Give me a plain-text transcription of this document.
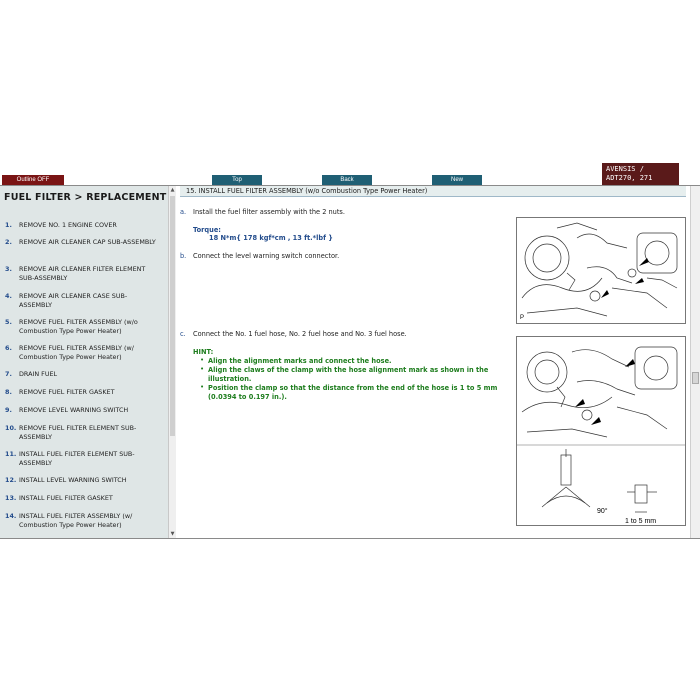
Outline OFF	Top	Back	New
AVENSIS /
ADT270, 271
FUEL FILTER > REPLACEMENT
1. REMOVE NO. 1 ENGINE COVER
2. REMOVE AIR CLEANER CAP SUB-ASSEMBLY
3. REMOVE AIR CLEANER FILTER ELEMENT SUB-ASSEMBLY
4. REMOVE AIR CLEANER CASE SUB-ASSEMBLY
5. REMOVE FUEL FILTER ASSEMBLY (w/o Combustion Type Power Heater)
6. REMOVE FUEL FILTER ASSEMBLY (w/ Combustion Type Power Heater)
7. DRAIN FUEL
8. REMOVE FUEL FILTER GASKET
9. REMOVE LEVEL WARNING SWITCH
10. REMOVE FUEL FILTER ELEMENT SUB-ASSEMBLY
11. INSTALL FUEL FILTER ELEMENT SUB-ASSEMBLY
12. INSTALL LEVEL WARNING SWITCH
13. INSTALL FUEL FILTER GASKET
14. INSTALL FUEL FILTER ASSEMBLY (w/ Combustion Type Power Heater)
▲
▼
15. INSTALL FUEL FILTER ASSEMBLY (w/o Combustion Type Power Heater)
a. Install the fuel filter assembly with the 2 nuts.
Torque:
18 N*m{ 178 kgf*cm , 13 ft.*lbf }
b. Connect the level warning switch connector.
c. Connect the No. 1 fuel hose, No. 2 fuel hose and No. 3 fuel hose.
HINT:
• Align the alignment marks and connect the hose.
• Align the claws of the clamp with the hose alignment mark as shown in the illustration.
• Position the clamp so that the distance from the end of the hose is 1 to 5 mm (0.0394 to 0.197 in.).
P
90°
1 to 5 mm
